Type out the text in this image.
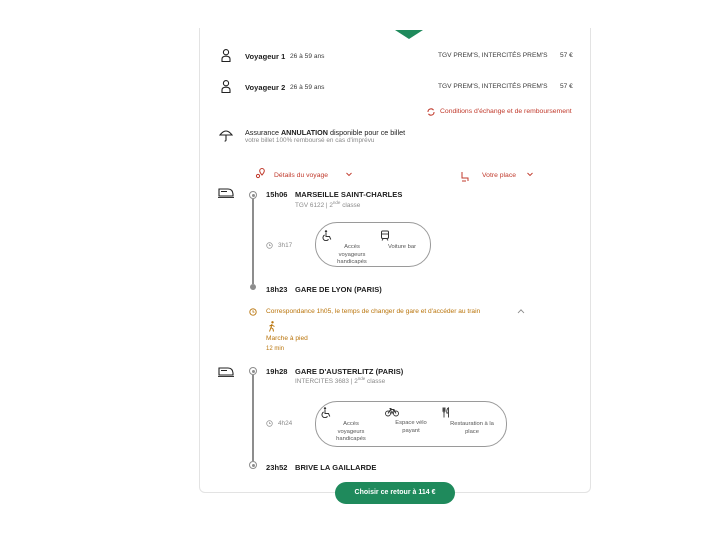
Voyageur 1 26 à 59 ans	TGV PREM'S, INTERCITÉS PREM'S 57 €
Voyageur 2 26 à 59 ans	TGV PREM'S, INTERCITÉS PREM'S 57 €
Conditions d'échange et de remboursement
Assurance ANNULATION disponible pour ce billet
votre billet 100% remboursé en cas d'imprévu
Détails du voyage	Votre place
15h06 MARSEILLE SAINT-CHARLES
TGV 6122 | 2nde classe
3h17	Accès voyageurs handicapés
Voiture bar
18h23 GARE DE LYON (PARIS)
Correspondance 1h05, le temps de changer de gare et d'accéder au train
Marche à pied
12 min
19h28 GARE D'AUSTERLITZ (PARIS)
INTERCITES 3683 | 2nde classe
4h24	Accès voyageurs handicapés
Espace vélo payant
Restauration à la place
23h52 BRIVE LA GAILLARDE
Choisir ce retour à 114 €
